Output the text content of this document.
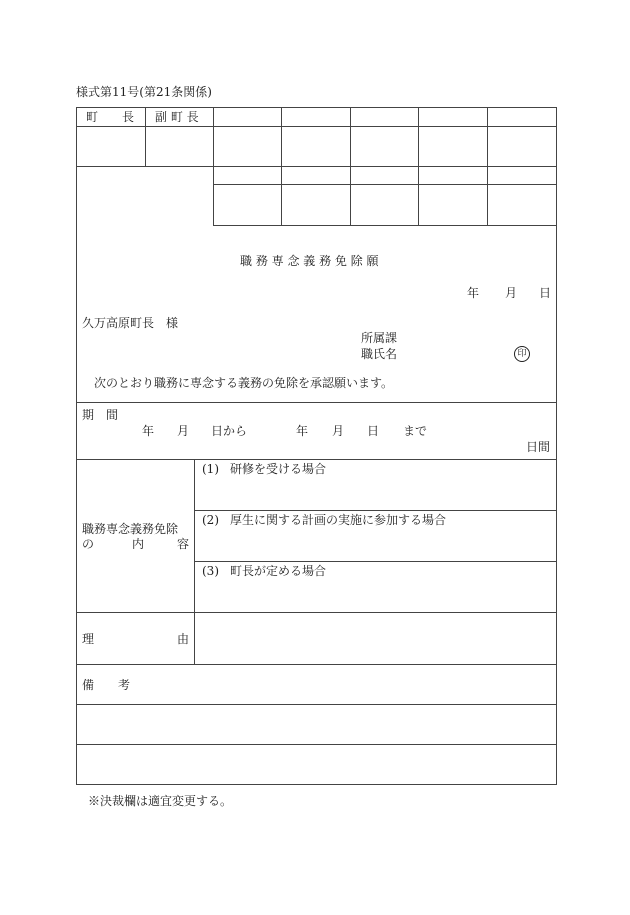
様式第11号(第21条関係)
町　　長 副 町 長
職 務 専 念 義 務 免 除 願
年 月 日
久万高原町長　様
所属課
職氏名	印
次のとおり職務に専念する義務の免除を承認願います。
期　間
年 月 日から	年 月 日 まで
日間
職務専念義務免除
の	内	容
(1) 研修を受ける場合
(2) 厚生に関する計画の実施に参加する場合
(3) 町長が定める場合
理	由
備　　考
※決裁欄は適宜変更する。
